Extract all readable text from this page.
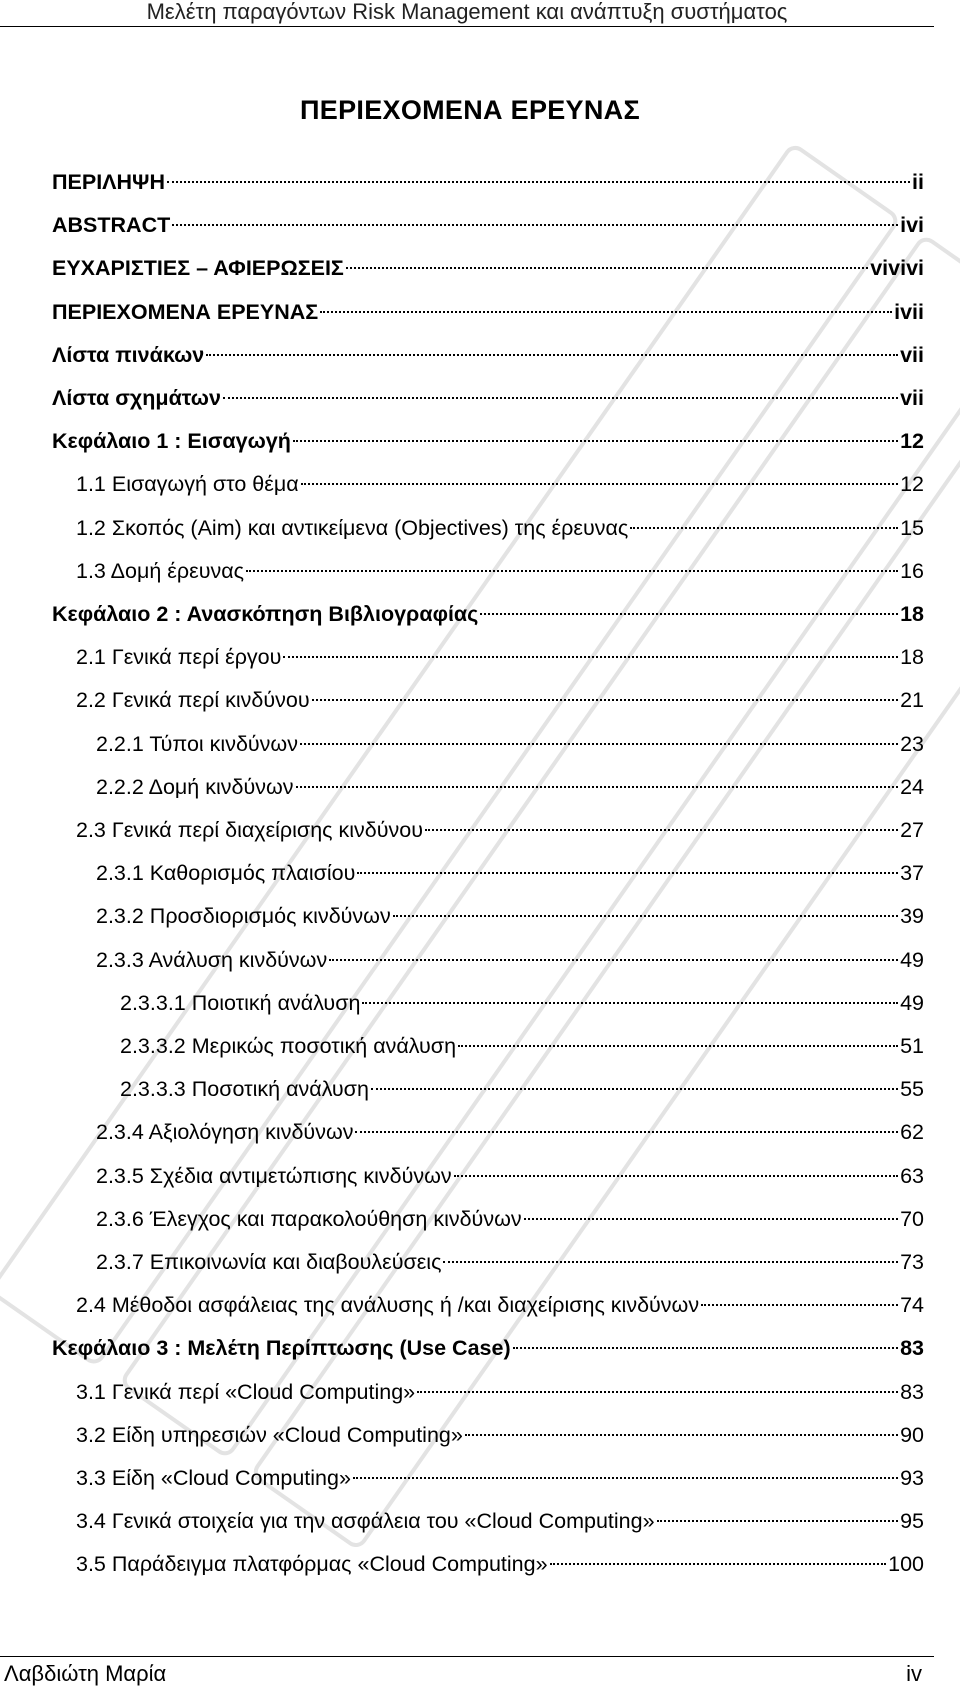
Μελέτη παραγόντων Risk Management και ανάπτυξη συστήματος
ΠΕΡΙΕΧΟΜΕΝΑ ΕΡΕΥΝΑΣ
ΠΕΡΙΛΗΨΗ	ii
ABSTRACT	ivi
ΕΥΧΑΡΙΣΤΙΕΣ – ΑΦΙΕΡΩΣΕΙΣ	vivivi
ΠΕΡΙΕΧΟΜΕΝΑ ΕΡΕΥΝΑΣ	ivii
Λίστα πινάκων	vii
Λίστα σχημάτων	vii
Κεφάλαιο 1 : Εισαγωγή	12
1.1 Εισαγωγή στο θέμα	12
1.2 Σκοπός (Aim) και αντικείμενα (Objectives) της έρευνας	15
1.3 Δομή έρευνας	16
Κεφάλαιο 2 : Ανασκόπηση Βιβλιογραφίας	18
2.1 Γενικά περί έργου	18
2.2 Γενικά περί κινδύνου	21
2.2.1 Τύποι κινδύνων	23
2.2.2 Δομή κινδύνων	24
2.3 Γενικά περί διαχείρισης κινδύνου	27
2.3.1 Καθορισμός πλαισίου	37
2.3.2 Προσδιορισμός κινδύνων	39
2.3.3 Ανάλυση κινδύνων	49
2.3.3.1 Ποιοτική ανάλυση	49
2.3.3.2 Μερικώς ποσοτική ανάλυση	51
2.3.3.3 Ποσοτική ανάλυση	55
2.3.4 Αξιολόγηση κινδύνων	62
2.3.5 Σχέδια αντιμετώπισης κινδύνων	63
2.3.6 Έλεγχος και παρακολούθηση κινδύνων	70
2.3.7 Επικοινωνία και διαβουλεύσεις	73
2.4 Μέθοδοι ασφάλειας της ανάλυσης ή /και διαχείρισης κινδύνων	74
Κεφάλαιο 3 : Μελέτη Περίπτωσης (Use Case)	83
3.1 Γενικά περί «Cloud Computing»	83
3.2 Είδη υπηρεσιών «Cloud Computing»	90
3.3 Είδη «Cloud Computing»	93
3.4 Γενικά στοιχεία για την ασφάλεια του «Cloud Computing»	95
3.5 Παράδειγμα πλατφόρμας «Cloud Computing»	100
Λαβδιώτη Μαρία	iv
